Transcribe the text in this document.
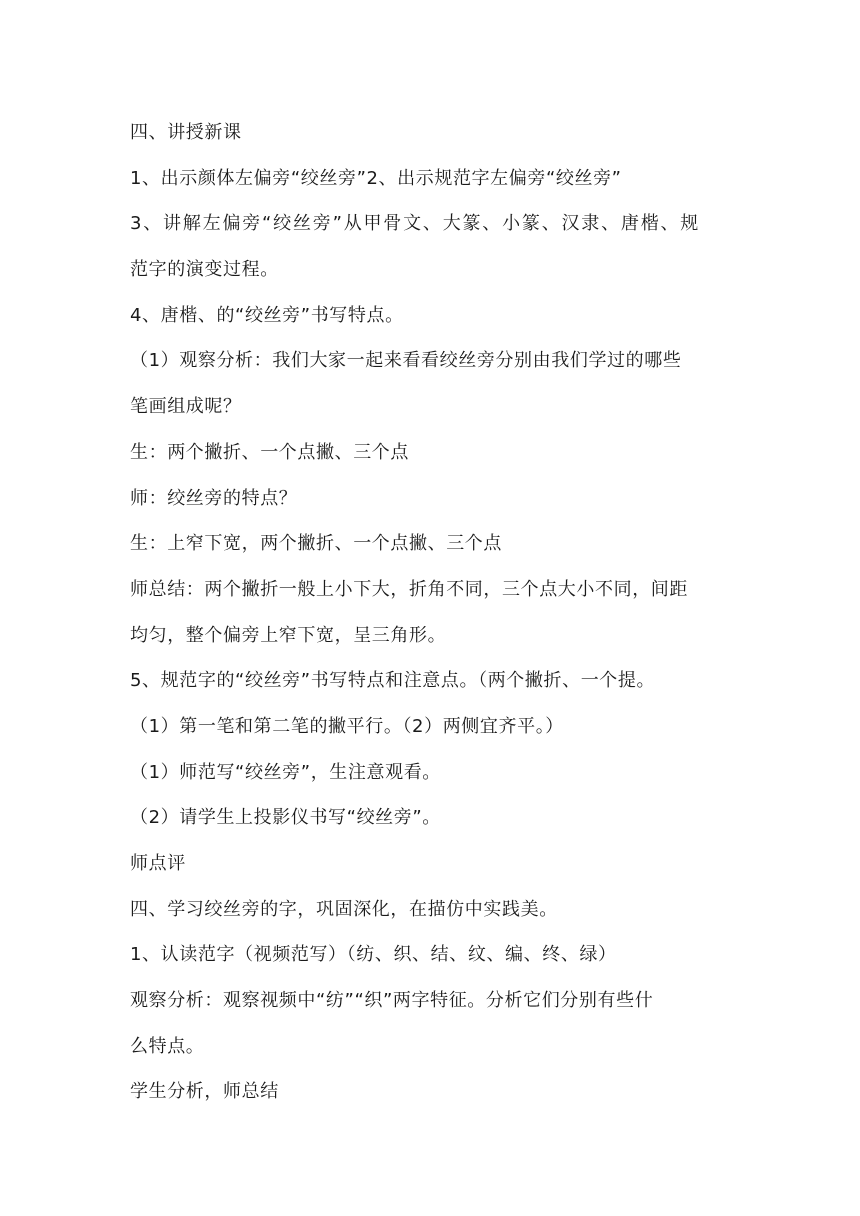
四、讲授新课
1、出示颜体左偏旁“绞丝旁”2、出示规范字左偏旁“绞丝旁”
3、讲解左偏旁“绞丝旁”从甲骨文、大篆、小篆、汉隶、唐楷、规
范字的演变过程。
4、唐楷、的“绞丝旁”书写特点。
（1）观察分析：我们大家一起来看看绞丝旁分别由我们学过的哪些
笔画组成呢？
生：两个撇折、一个点撇、三个点
师：绞丝旁的特点？
生：上窄下宽，两个撇折、一个点撇、三个点
师总结：两个撇折一般上小下大，折角不同，三个点大小不同，间距
均匀，整个偏旁上窄下宽，呈三角形。
5、规范字的“绞丝旁”书写特点和注意点。（两个撇折、一个提。
（1）第一笔和第二笔的撇平行。（2）两侧宜齐平。）
（1）师范写“绞丝旁”，生注意观看。
（2）请学生上投影仪书写“绞丝旁”。
师点评
四、学习绞丝旁的字，巩固深化，在描仿中实践美。
1、认读范字（视频范写）（纺、织、结、纹、编、终、绿）
观察分析：观察视频中“纺”“织”两字特征。分析它们分别有些什
么特点。
学生分析，师总结
